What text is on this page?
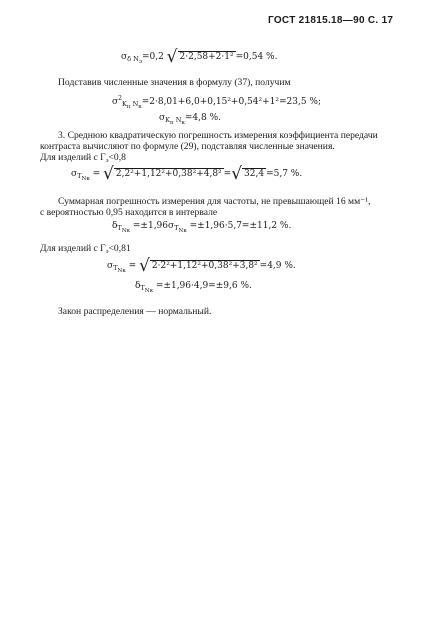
ГОСТ 21815.18—90 С. 17
$\sigma_{\delta N_э}=0,2$ √ 2·2,58+2·1² =0,54 %.
Подставив численные значения в формулу (37), получим
$\sigma^2_{K_п N_к}=2\cdot 8,01+6,0+0,15^2+0,54^2+1^2=23,5$ %;
$\sigma_{K_п N_к}=4,8$ %.
3. Среднюю квадратическую погрешность измерения коэффициента передачи
контраста вычисляют по формуле (29), подставляя численные значения.
Для изделий с $Г_э<0,8$
$\sigma_{T_{Nк}}$ = √ 2,2²+1,12²+0,38²+4,8² =√ 32,4 =5,7 %.
Суммарная погрешность измерения для частоты, не превышающей 16 мм⁻¹,
с вероятностью 0,95 находится в интервале
$\delta_{T_{Nк}} =\pm 1,96\sigma_{T_{Nк}} =\pm 1,96\cdot 5,7=\pm 11,2$ %.
Для изделий с $Г_э<0,81$
$\sigma_{T_{Nк}}$ = √ 2·2²+1,12²+0,38²+3,8² =4,9 %.
$\delta_{T_{Nк}} =\pm 1,96\cdot 4,9=\pm 9,6$ %.
Закон распределения — нормальный.
